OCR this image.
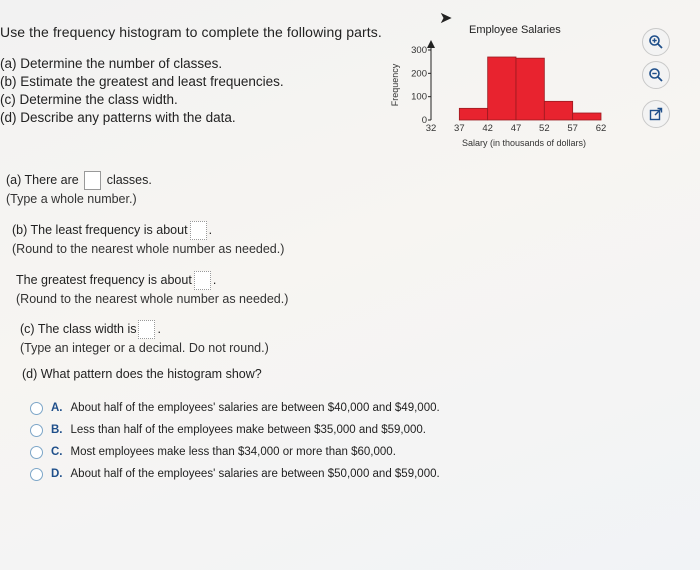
Use the frequency histogram to complete the following parts.
(a) Determine the number of classes.
(b) Estimate the greatest and least frequencies.
(c) Determine the class width.
(d) Describe any patterns with the data.
Employee Salaries
➤
Frequency
0
100
200
300
32 37 42 47 52 57 62
Salary (in thousands of dollars)
(a) There are classes.
(Type a whole number.)
(b) The least frequency is about .
(Round to the nearest whole number as needed.)
The greatest frequency is about .
(Round to the nearest whole number as needed.)
(c) The class width is .
(Type an integer or a decimal. Do not round.)
(d) What pattern does the histogram show?
A. About half of the employees' salaries are between $40,000 and $49,000.
B. Less than half of the employees make between $35,000 and $59,000.
C. Most employees make less than $34,000 or more than $60,000.
D. About half of the employees' salaries are between $50,000 and $59,000.
